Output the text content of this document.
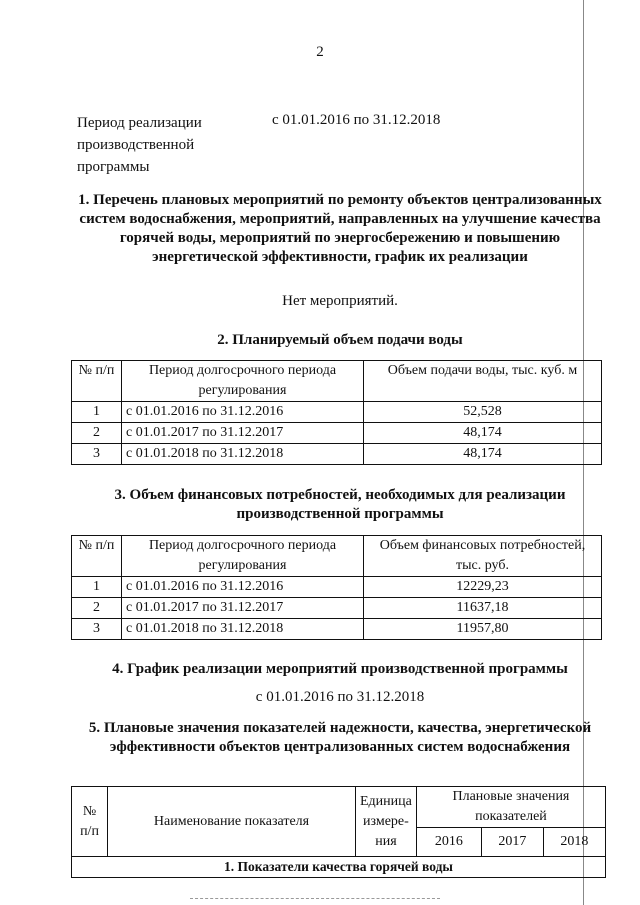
2
Период реализации производственной программы
с 01.01.2016 по 31.12.2018

1. Перечень плановых мероприятий по ремонту объектов централизованных систем водоснабжения, мероприятий, направленных на улучшение качества горячей воды, мероприятий по энергосбережению и повышению энергетической эффективности, график их реализации

Нет мероприятий.

2. Планируемый объем подачи воды

№ п/п	Период долгосрочного периода регулирования	Объем подачи воды, тыс. куб. м
1	с 01.01.2016 по 31.12.2016	52,528
2	с 01.01.2017 по 31.12.2017	48,174
3	с 01.01.2018 по 31.12.2018	48,174

3. Объем финансовых потребностей, необходимых для реализации производственной программы

№ п/п	Период долгосрочного периода регулирования	Объем финансовых потребностей, тыс. руб.
1	с 01.01.2016 по 31.12.2016	12229,23
2	с 01.01.2017 по 31.12.2017	11637,18
3	с 01.01.2018 по 31.12.2018	11957,80

4. График реализации мероприятий производственной программы

с 01.01.2016 по 31.12.2018

5. Плановые значения показателей надежности, качества, энергетической эффективности объектов централизованных систем водоснабжения

№ п/п	Наименование показателя	Единица измере-ния	Плановые значения показателей		
			2016	2017	2018
1. Показатели качества горячей воды					
